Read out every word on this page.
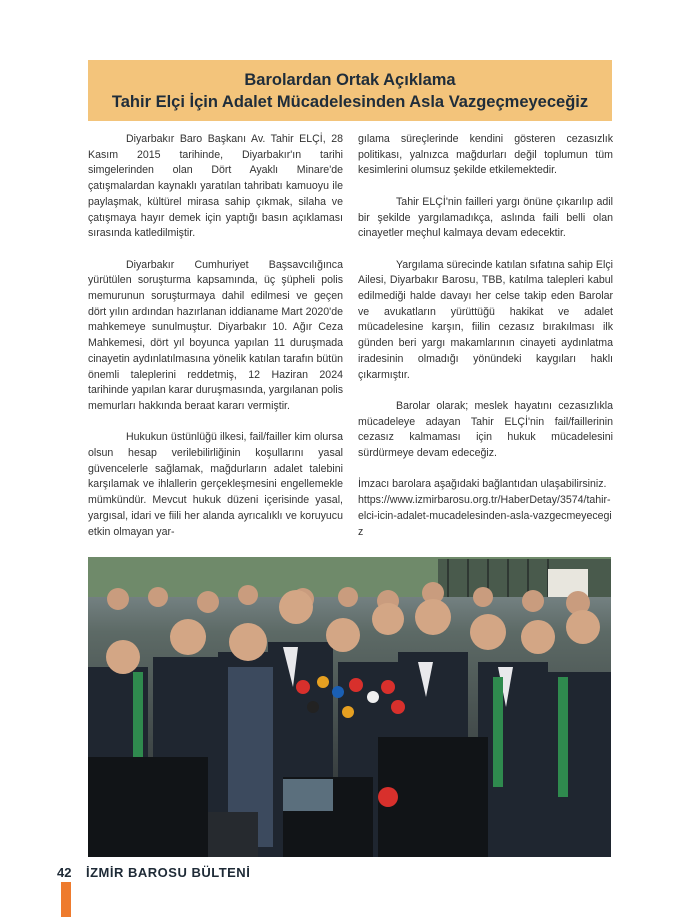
Barolardan Ortak Açıklama
Tahir Elçi İçin Adalet Mücadelesinden Asla Vazgeçmeyeceğiz

Diyarbakır Baro Başkanı Av. Tahir ELÇİ, 28 Kasım 2015 tarihinde, Diyarbakır'ın tarihi simgelerinden olan Dört Ayaklı Minare'de çatışmalardan kaynaklı yaratılan tahribatı kamuoyu ile paylaşmak, kültürel mirasa sahip çıkmak, silaha ve çatışmaya hayır demek için yaptığı basın açıklaması sırasında katledilmiştir.

Diyarbakır Cumhuriyet Başsavcılığınca yürütülen soruşturma kapsamında, üç şüpheli polis memurunun soruşturmaya dahil edilmesi ve geçen dört yılın ardından hazırlanan iddianame Mart 2020'de mahkemeye sunulmuştur. Diyarbakır 10. Ağır Ceza Mahkemesi, dört yıl boyunca yapılan 11 duruşmada cinayetin aydınlatılmasına yönelik katılan tarafın bütün önemli taleplerini reddetmiş, 12 Haziran 2024 tarihinde yapılan karar duruşmasında, yargılanan polis memurları hakkında beraat kararı vermiştir.

Hukukun üstünlüğü ilkesi, fail/failler kim olursa olsun hesap verilebilirliğinin koşullarını yasal güvencelerle sağlamak, mağdurların adalet talebini karşılamak ve ihlallerin gerçekleşmesini engellemekle mümkündür. Mevcut hukuk düzeni içerisinde yasal, yargısal, idari ve fiili her alanda ayrıcalıklı ve koruyucu etkin olmayan yar-

gılama süreçlerinde kendini gösteren cezasızlık politikası, yalnızca mağdurları değil toplumun tüm kesimlerini olumsuz şekilde etkilemektedir.

Tahir ELÇİ'nin failleri yargı önüne çıkarılıp adil bir şekilde yargılamadıkça, aslında faili belli olan cinayetler meçhul kalmaya devam edecektir.

Yargılama sürecinde katılan sıfatına sahip Elçi Ailesi, Diyarbakır Barosu, TBB, katılma talepleri kabul edilmediği halde davayı her celse takip eden Barolar ve avukatların yürüttüğü hakikat ve adalet mücadelesine karşın, fiilin cezasız bırakılması ilk günden beri yargı makamlarının cinayeti aydınlatma iradesinin olmadığı yönündeki kaygıları haklı çıkarmıştır.

Barolar olarak; meslek hayatını cezasızlıkla mücadeleye adayan Tahir ELÇİ'nin fail/faillerinin cezasız kalmaması için hukuk mücadelesini sürdürmeye devam edeceğiz.

İmzacı barolara aşağıdaki bağlantıdan ulaşabilirsiniz.

https://www.izmirbarosu.org.tr/HaberDetay/3574/tahir-elci-icin-adalet-mucadelesinden-asla-vazgecmeyecegiz

42 İZMİR BAROSU BÜLTENİ
